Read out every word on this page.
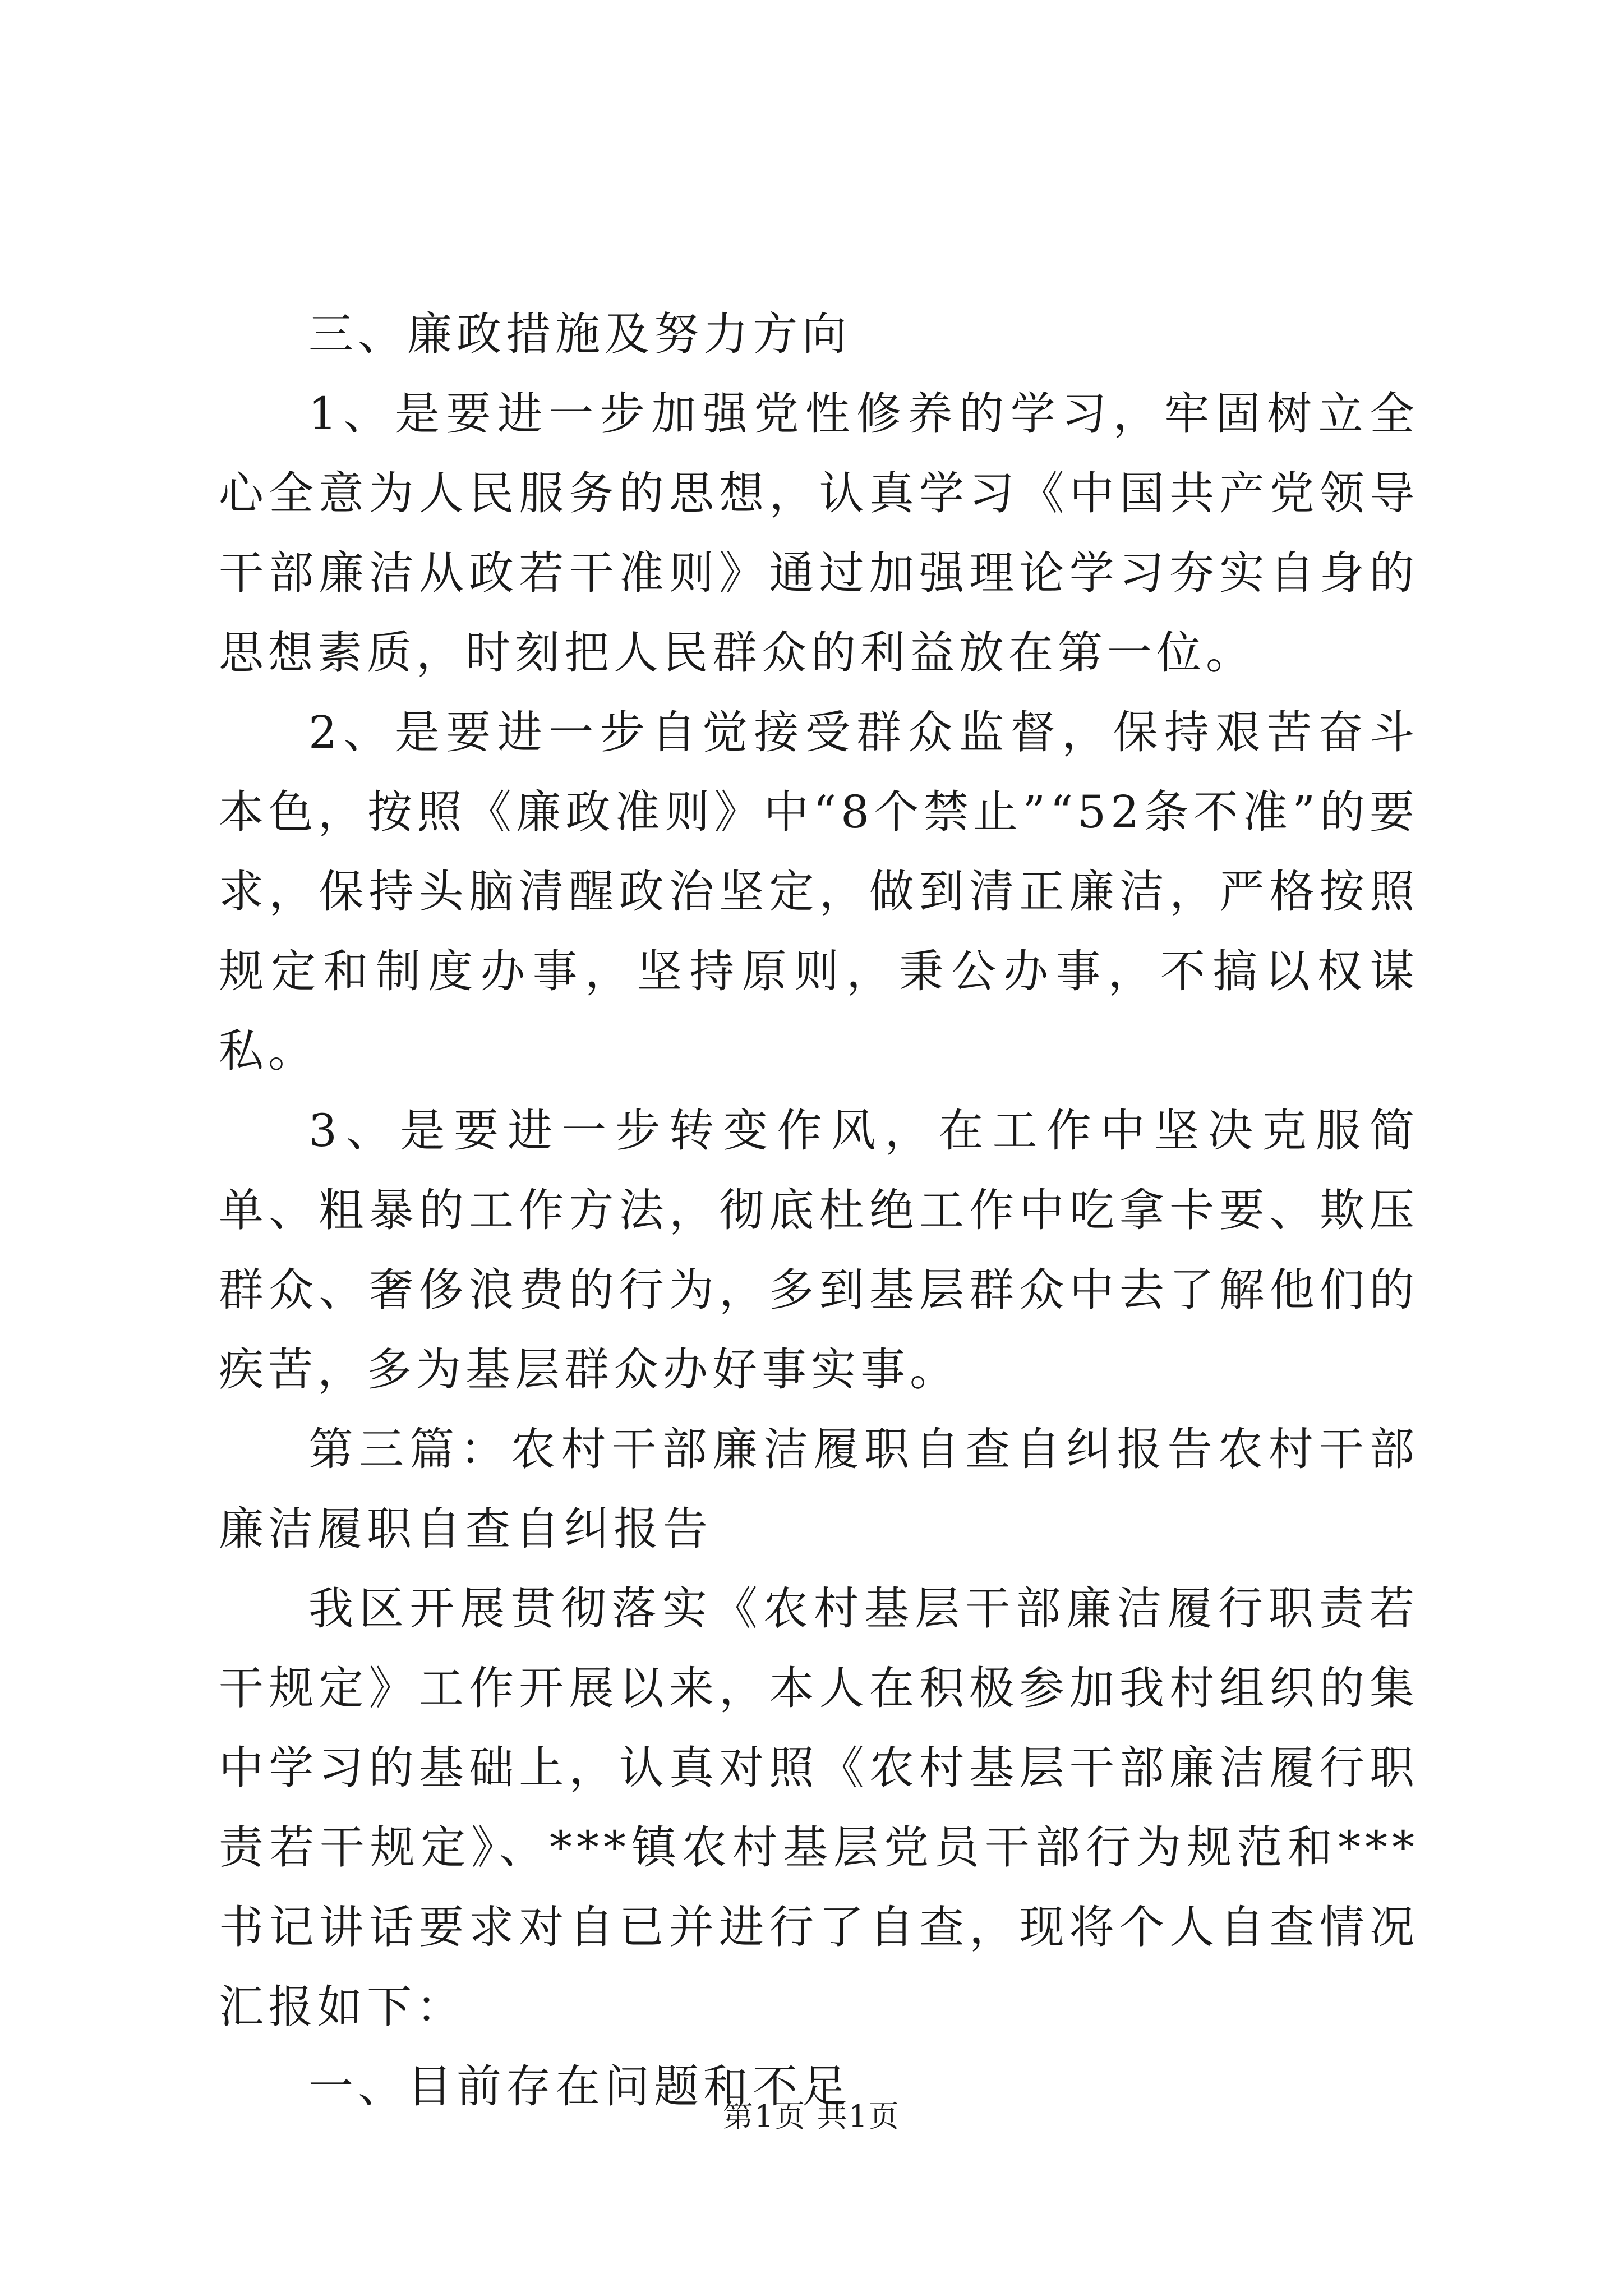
三、廉政措施及努力方向

1、是要进一步加强党性修养的学习，牢固树立全心全意为人民服务的思想，认真学习《中国共产党领导干部廉洁从政若干准则》通过加强理论学习夯实自身的思想素质，时刻把人民群众的利益放在第一位。

2、是要进一步自觉接受群众监督，保持艰苦奋斗本色，按照《廉政准则》中“8个禁止”“52条不准”的要求，保持头脑清醒政治坚定，做到清正廉洁，严格按照规定和制度办事，坚持原则，秉公办事，不搞以权谋私。

3、是要进一步转变作风，在工作中坚决克服简单、粗暴的工作方法，彻底杜绝工作中吃拿卡要、欺压群众、奢侈浪费的行为，多到基层群众中去了解他们的疾苦，多为基层群众办好事实事。

第三篇：农村干部廉洁履职自查自纠报告农村干部廉洁履职自查自纠报告

我区开展贯彻落实《农村基层干部廉洁履行职责若干规定》工作开展以来，本人在积极参加我村组织的集中学习的基础上，认真对照《农村基层干部廉洁履行职责若干规定》、***镇农村基层党员干部行为规范和***书记讲话要求对自已并进行了自查，现将个人自查情况汇报如下：

一、目前存在问题和不足

第1页 共1页
